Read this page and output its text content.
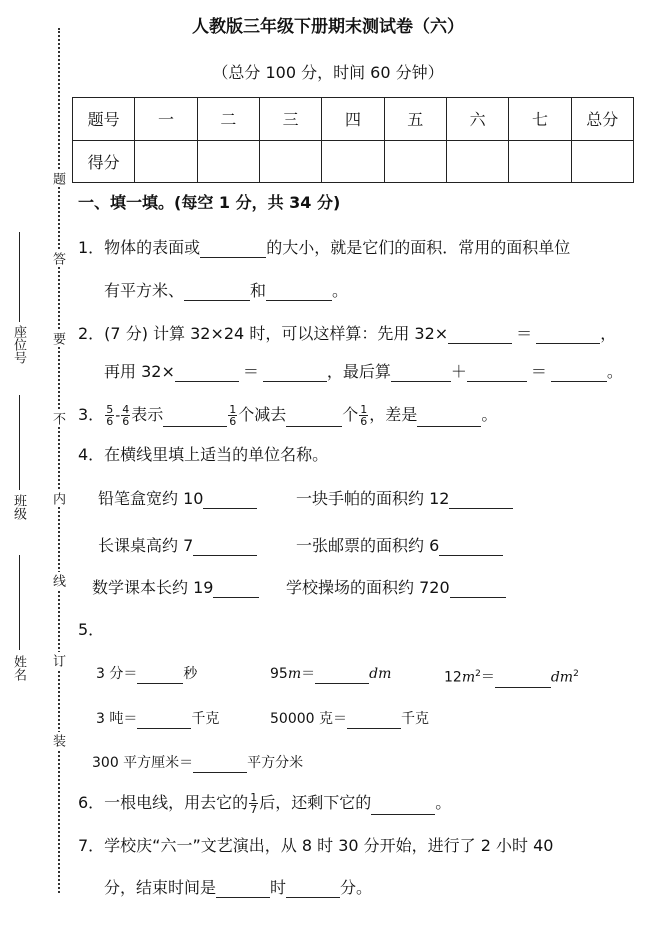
题
答
要
不
内
线
订
装
座位号
班级
姓名
人教版三年级下册期末测试卷（六）
（总分 100 分，时间 60 分钟）
题号	一	二	三	四	五	六	七	总分
得分								
一、填一填。(每空 1 分，共 34 分)
1．物体的表面或	的大小，就是它们的面积．常用的面积单位
有平方米、	和	。
2．(7 分) 计算 32×24 时，可以这样算：先用 32×	＝	，
再用 32×	＝	，最后算	＋	＝	。
3． $\frac{5}{6} - \frac{4}{6}$ 表示	$\frac{1}{6}$ 个减去	个 $\frac{1}{6}$ ，差是	。
4．在横线里填上适当的单位名称。
铅笔盒宽约 10	一块手帕的面积约 12
长课桌高约 7	一张邮票的面积约 6
数学课本长约 19	学校操场的面积约 720
5．
3 分＝	秒	95m＝	dm	$12m^2=$	$dm^2$
3 吨＝	千克	50000 克＝	千克
300 平方厘米＝	平方分米
6．一根电线，用去它的 $\frac{1}{7}$ 后，还剩下它的	。
7．学校庆“六一”文艺演出，从 8 时 30 分开始，进行了 2 小时 40
分，结束时间是	时	分。
